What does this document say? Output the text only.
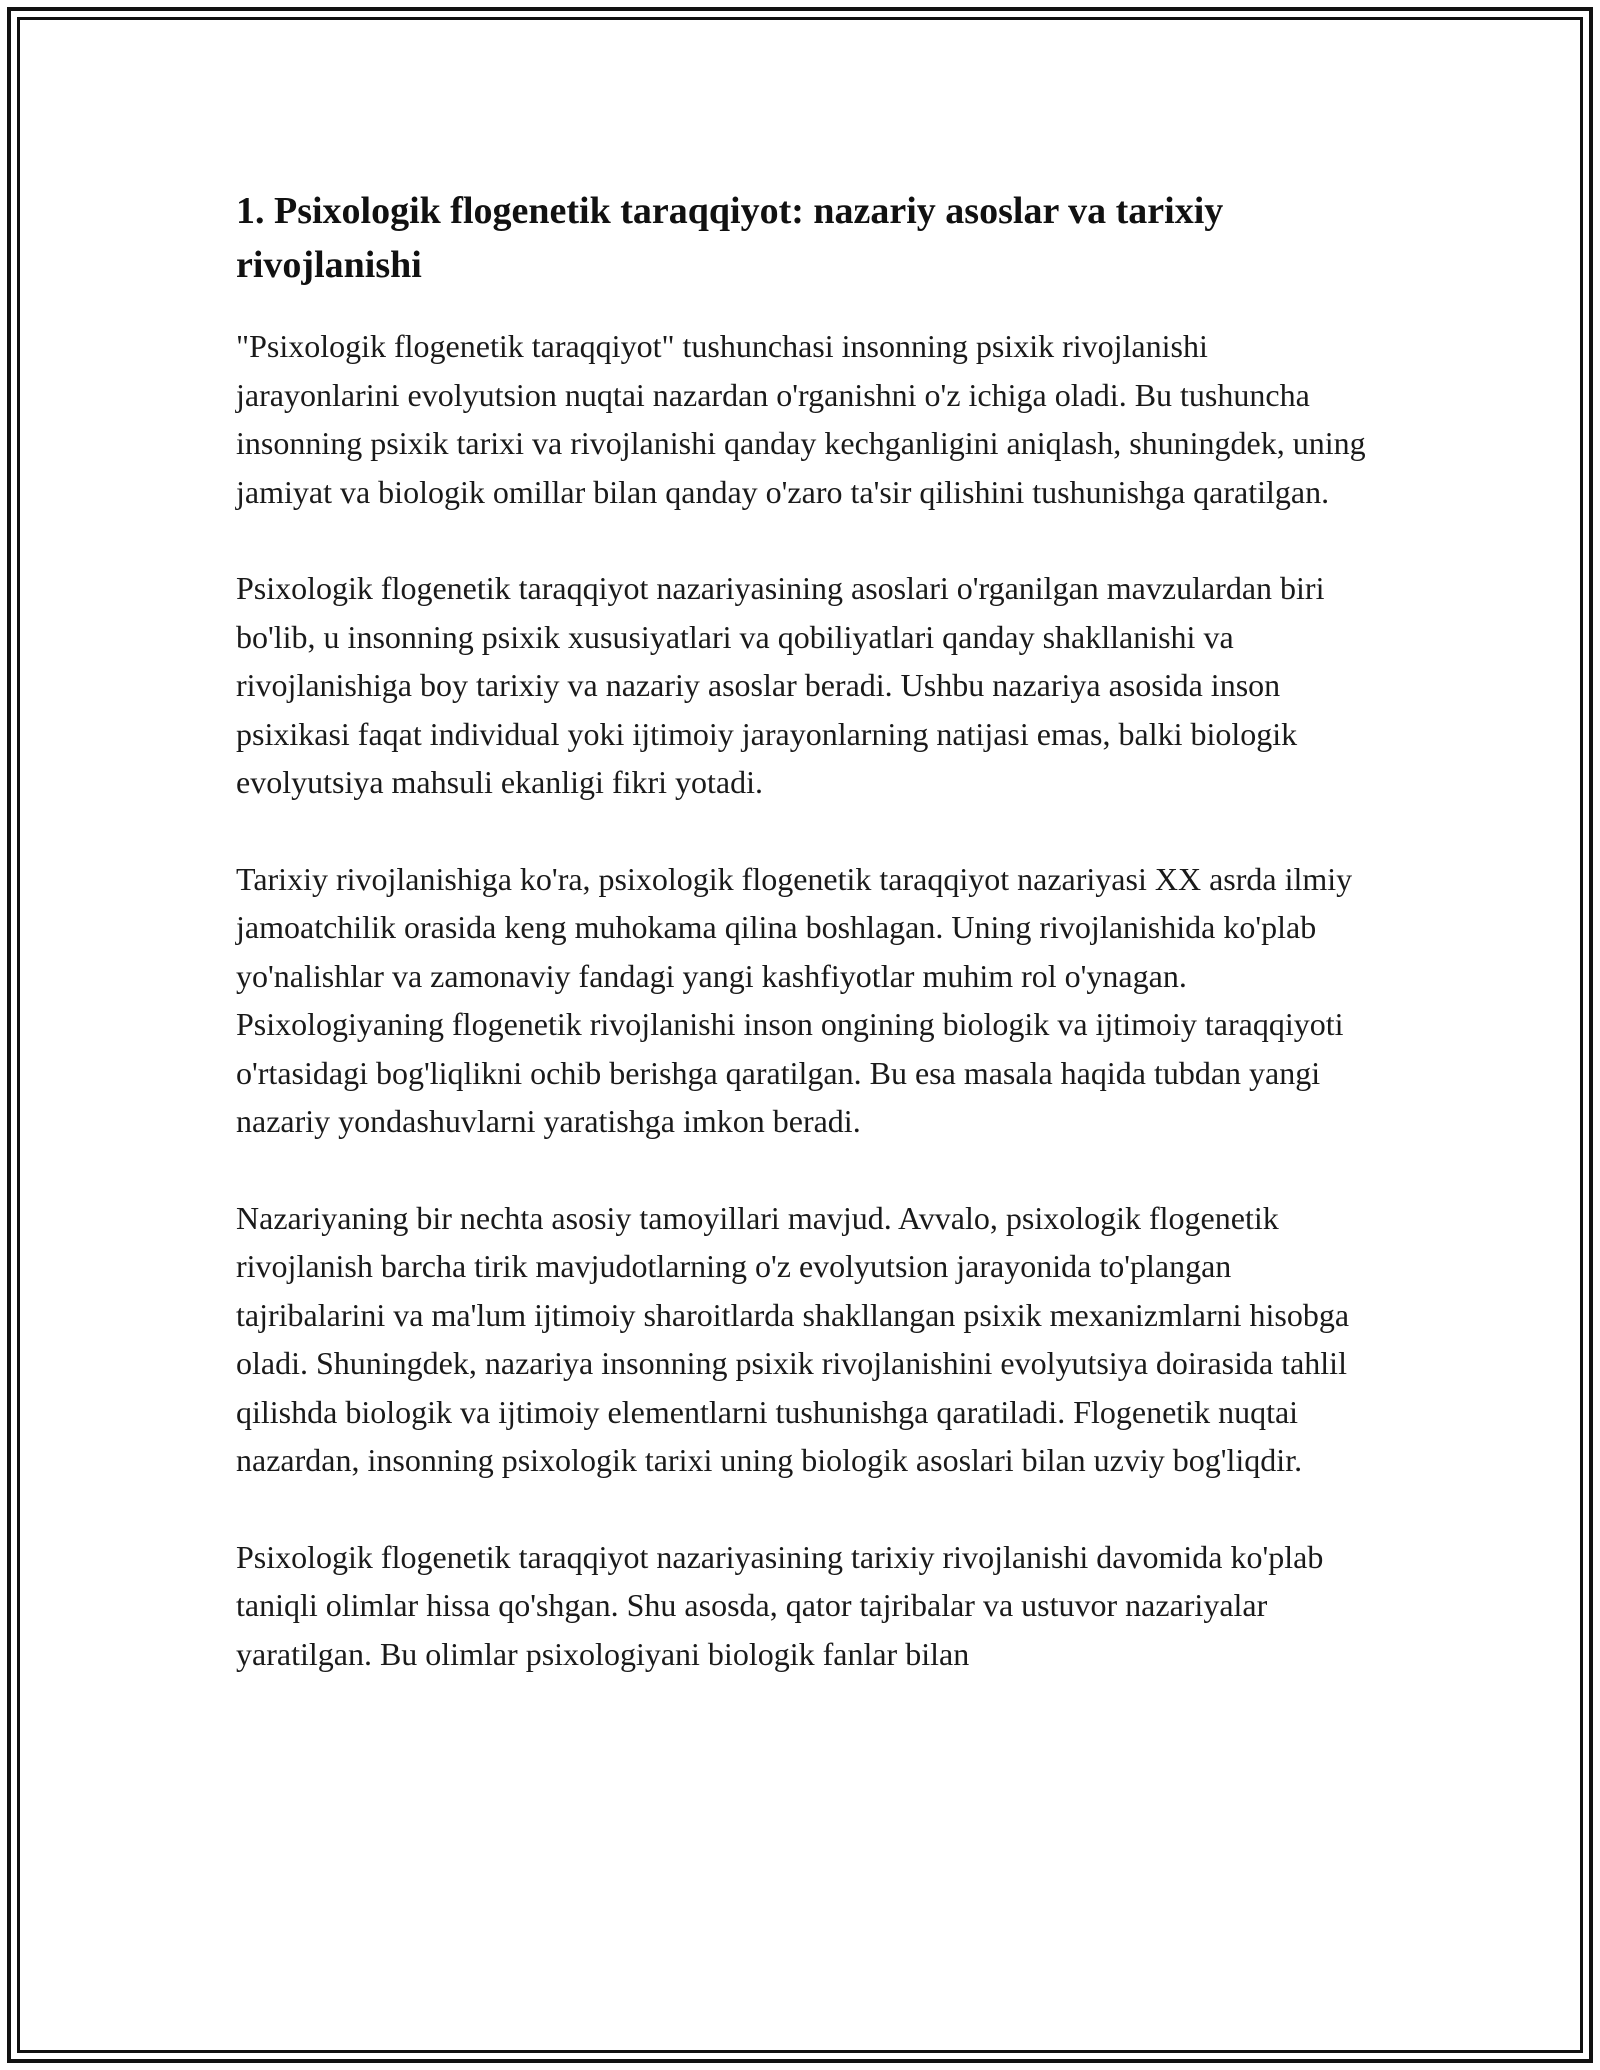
1. Psixologik flogenetik taraqqiyot: nazariy asoslar va tarixiy rivojlanishi

"Psixologik flogenetik taraqqiyot" tushunchasi insonning psixik rivojlanishi jarayonlarini evolyutsion nuqtai nazardan o'rganishni o'z ichiga oladi. Bu tushuncha insonning psixik tarixi va rivojlanishi qanday kechganligini aniqlash, shuningdek, uning jamiyat va biologik omillar bilan qanday o'zaro ta'sir qilishini tushunishga qaratilgan.

Psixologik flogenetik taraqqiyot nazariyasining asoslari o'rganilgan mavzulardan biri bo'lib, u insonning psixik xususiyatlari va qobiliyatlari qanday shakllanishi va rivojlanishiga boy tarixiy va nazariy asoslar beradi. Ushbu nazariya asosida inson psixikasi faqat individual yoki ijtimoiy jarayonlarning natijasi emas, balki biologik evolyutsiya mahsuli ekanligi fikri yotadi.

Tarixiy rivojlanishiga ko'ra, psixologik flogenetik taraqqiyot nazariyasi XX asrda ilmiy jamoatchilik orasida keng muhokama qilina boshlagan. Uning rivojlanishida ko'plab yo'nalishlar va zamonaviy fandagi yangi kashfiyotlar muhim rol o'ynagan. Psixologiyaning flogenetik rivojlanishi inson ongining biologik va ijtimoiy taraqqiyoti o'rtasidagi bog'liqlikni ochib berishga qaratilgan. Bu esa masala haqida tubdan yangi nazariy yondashuvlarni yaratishga imkon beradi.

Nazariyaning bir nechta asosiy tamoyillari mavjud. Avvalo, psixologik flogenetik rivojlanish barcha tirik mavjudotlarning o'z evolyutsion jarayonida to'plangan tajribalarini va ma'lum ijtimoiy sharoitlarda shakllangan psixik mexanizmlarni hisobga oladi. Shuningdek, nazariya insonning psixik rivojlanishini evolyutsiya doirasida tahlil qilishda biologik va ijtimoiy elementlarni tushunishga qaratiladi. Flogenetik nuqtai nazardan, insonning psixologik tarixi uning biologik asoslari bilan uzviy bog'liqdir.

Psixologik flogenetik taraqqiyot nazariyasining tarixiy rivojlanishi davomida ko'plab taniqli olimlar hissa qo'shgan. Shu asosda, qator tajribalar va ustuvor nazariyalar yaratilgan. Bu olimlar psixologiyani biologik fanlar bilan
